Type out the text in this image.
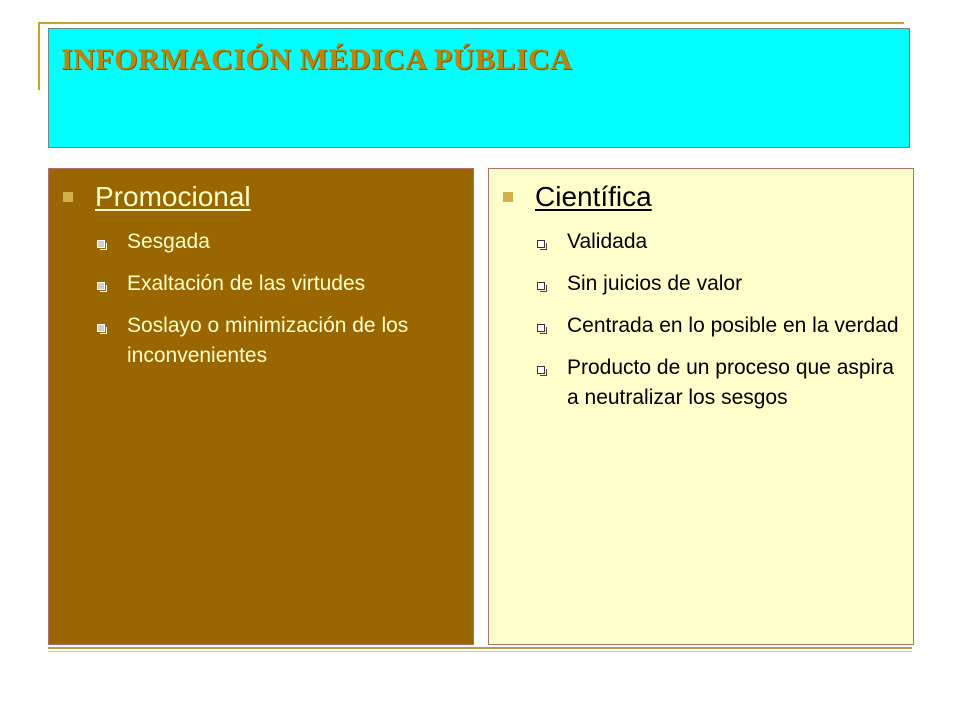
INFORMACIÓN MÉDICA PÚBLICA
Promocional
Sesgada
Exaltación de las virtudes
Soslayo o minimización de los inconvenientes
Científica
Validada
Sin juicios de valor
Centrada en lo posible en la verdad
Producto de un proceso que aspira a neutralizar los sesgos
